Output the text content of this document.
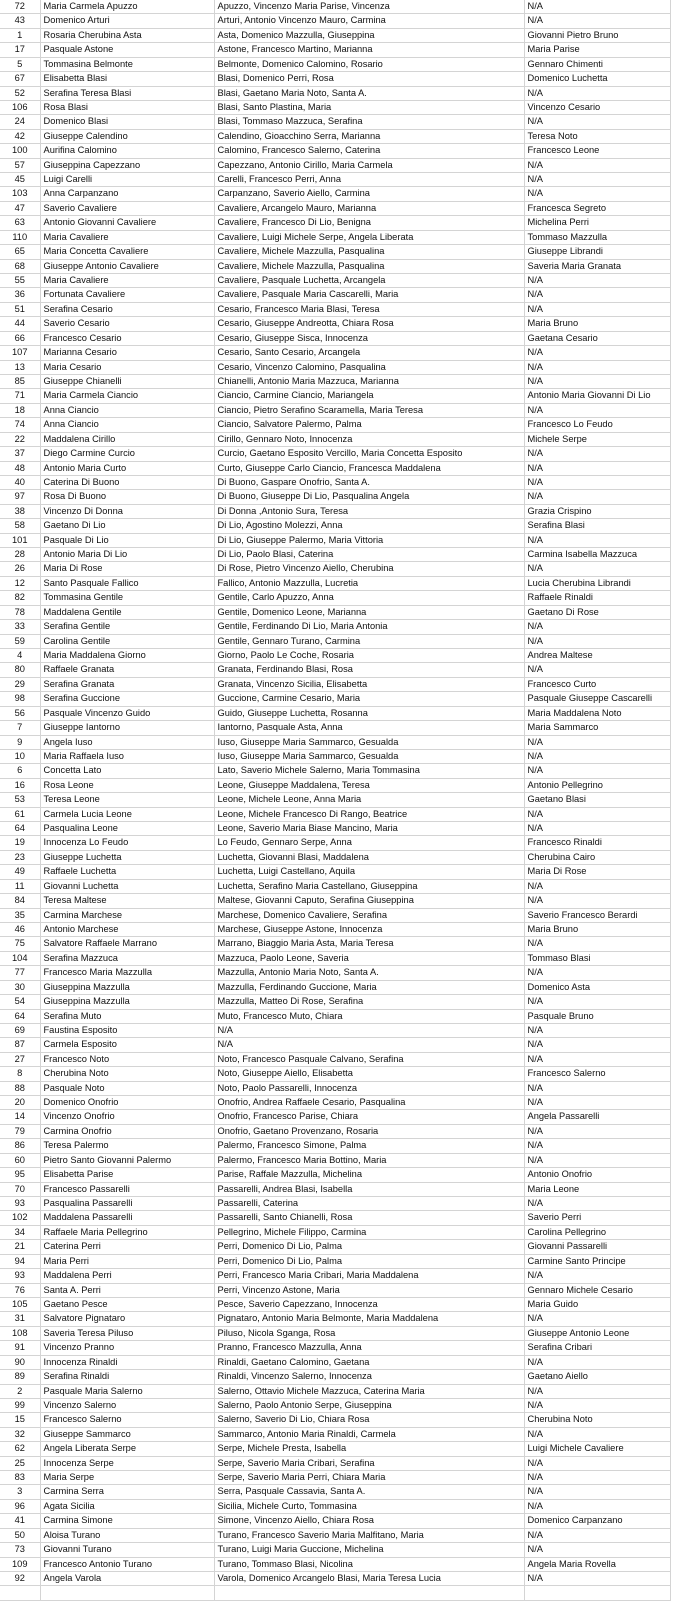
72	Maria Carmela Apuzzo	Apuzzo, Vincenzo Maria Parise, Vincenza	N/A
43	Domenico Arturi	Arturi, Antonio Vincenzo Mauro, Carmina	N/A
1	Rosaria Cherubina Asta	Asta, Domenico Mazzulla, Giuseppina	Giovanni Pietro Bruno
17	Pasquale Astone	Astone, Francesco Martino, Marianna	Maria Parise
5	Tommasina Belmonte	Belmonte, Domenico Calomino, Rosario	Gennaro Chimenti
67	Elisabetta Blasi	Blasi, Domenico Perri, Rosa	Domenico Luchetta
52	Serafina Teresa Blasi	Blasi, Gaetano Maria Noto, Santa A.	N/A
106	Rosa Blasi	Blasi, Santo Plastina, Maria	Vincenzo Cesario
24	Domenico Blasi	Blasi, Tommaso Mazzuca, Serafina	N/A
42	Giuseppe Calendino	Calendino, Gioacchino Serra, Marianna	Teresa Noto
100	Aurifina Calomino	Calomino, Francesco Salerno, Caterina	Francesco Leone
57	Giuseppina Capezzano	Capezzano, Antonio Cirillo, Maria Carmela	N/A
45	Luigi Carelli	Carelli, Francesco Perri, Anna	N/A
103	Anna Carpanzano	Carpanzano, Saverio Aiello, Carmina	N/A
47	Saverio Cavaliere	Cavaliere, Arcangelo Mauro, Marianna	Francesca Segreto
63	Antonio Giovanni Cavaliere	Cavaliere, Francesco Di Lio, Benigna	Michelina Perri
110	Maria Cavaliere	Cavaliere, Luigi Michele Serpe, Angela Liberata	Tommaso Mazzulla
65	Maria Concetta Cavaliere	Cavaliere, Michele Mazzulla, Pasqualina	Giuseppe Librandi
68	Giuseppe Antonio Cavaliere	Cavaliere, Michele Mazzulla, Pasqualina	Saveria Maria Granata
55	Maria Cavaliere	Cavaliere, Pasquale Luchetta, Arcangela	N/A
36	Fortunata Cavaliere	Cavaliere, Pasquale Maria Cascarelli, Maria	N/A
51	Serafina Cesario	Cesario, Francesco Maria Blasi, Teresa	N/A
44	Saverio Cesario	Cesario, Giuseppe Andreotta, Chiara Rosa	Maria Bruno
66	Francesco Cesario	Cesario, Giuseppe Sisca, Innocenza	Gaetana Cesario
107	Marianna Cesario	Cesario, Santo Cesario, Arcangela	N/A
13	Maria Cesario	Cesario, Vincenzo Calomino, Pasqualina	N/A
85	Giuseppe Chianelli	Chianelli, Antonio Maria Mazzuca, Marianna	N/A
71	Maria Carmela Ciancio	Ciancio, Carmine Ciancio, Mariangela	Antonio Maria Giovanni Di Lio
18	Anna Ciancio	Ciancio, Pietro Serafino Scaramella, Maria Teresa	N/A
74	Anna Ciancio	Ciancio, Salvatore Palermo, Palma	Francesco Lo Feudo
22	Maddalena Cirillo	Cirillo, Gennaro Noto, Innocenza	Michele Serpe
37	Diego Carmine Curcio	Curcio, Gaetano Esposito Vercillo, Maria Concetta Esposito	N/A
48	Antonio Maria Curto	Curto, Giuseppe Carlo Ciancio, Francesca Maddalena	N/A
40	Caterina Di Buono	Di Buono, Gaspare Onofrio, Santa A.	N/A
97	Rosa Di Buono	Di Buono, Giuseppe Di Lio, Pasqualina Angela	N/A
38	Vincenzo Di Donna	Di Donna ,Antonio Sura, Teresa	Grazia Crispino
58	Gaetano Di Lio	Di Lio, Agostino Molezzi, Anna	Serafina Blasi
101	Pasquale Di Lio	Di Lio, Giuseppe Palermo, Maria Vittoria	N/A
28	Antonio Maria Di Lio	Di Lio, Paolo Blasi, Caterina	Carmina Isabella Mazzuca
26	Maria Di Rose	Di Rose, Pietro Vincenzo Aiello, Cherubina	N/A
12	Santo Pasquale Fallico	Fallico, Antonio Mazzulla, Lucretia	Lucia Cherubina Librandi
82	Tommasina Gentile	Gentile, Carlo Apuzzo, Anna	Raffaele Rinaldi
78	Maddalena Gentile	Gentile, Domenico Leone, Marianna	Gaetano Di Rose
33	Serafina Gentile	Gentile, Ferdinando Di Lio, Maria Antonia	N/A
59	Carolina Gentile	Gentile, Gennaro Turano, Carmina	N/A
4	Maria Maddalena Giorno	Giorno, Paolo Le Coche, Rosaria	Andrea Maltese
80	Raffaele Granata	Granata, Ferdinando Blasi, Rosa	N/A
29	Serafina Granata	Granata, Vincenzo Sicilia, Elisabetta	Francesco Curto
98	Serafina Guccione	Guccione, Carmine Cesario, Maria	Pasquale Giuseppe Cascarelli
56	Pasquale Vincenzo Guido	Guido, Giuseppe Luchetta, Rosanna	Maria Maddalena Noto
7	Giuseppe Iantorno	Iantorno, Pasquale Asta, Anna	Maria Sammarco
9	Angela Iuso	Iuso, Giuseppe Maria Sammarco, Gesualda	N/A
10	Maria Raffaela Iuso	Iuso, Giuseppe Maria Sammarco, Gesualda	N/A
6	Concetta Lato	Lato, Saverio Michele Salerno, Maria Tommasina	N/A
16	Rosa Leone	Leone, Giuseppe Maddalena, Teresa	Antonio Pellegrino
53	Teresa Leone	Leone, Michele Leone, Anna Maria	Gaetano Blasi
61	Carmela Lucia Leone	Leone, Michele Francesco Di Rango, Beatrice	N/A
64	Pasqualina Leone	Leone, Saverio Maria Biase Mancino, Maria	N/A
19	Innocenza Lo Feudo	Lo Feudo, Gennaro Serpe, Anna	Francesco Rinaldi
23	Giuseppe Luchetta	Luchetta, Giovanni Blasi, Maddalena	Cherubina Cairo
49	Raffaele Luchetta	Luchetta, Luigi Castellano, Aquila	Maria Di Rose
11	Giovanni Luchetta	Luchetta, Serafino Maria Castellano, Giuseppina	N/A
84	Teresa Maltese	Maltese, Giovanni Caputo, Serafina Giuseppina	N/A
35	Carmina Marchese	Marchese, Domenico Cavaliere, Serafina	Saverio Francesco Berardi
46	Antonio Marchese	Marchese, Giuseppe Astone, Innocenza	Maria Bruno
75	Salvatore Raffaele Marrano	Marrano, Biaggio Maria Asta, Maria Teresa	N/A
104	Serafina Mazzuca	Mazzuca, Paolo Leone, Saveria	Tommaso Blasi
77	Francesco Maria Mazzulla	Mazzulla, Antonio Maria Noto, Santa A.	N/A
30	Giuseppina Mazzulla	Mazzulla, Ferdinando Guccione, Maria	Domenico Asta
54	Giuseppina Mazzulla	Mazzulla, Matteo Di Rose, Serafina	N/A
64	Serafina Muto	Muto, Francesco Muto, Chiara	Pasquale Bruno
69	Faustina Esposito	N/A	N/A
87	Carmela Esposito	N/A	N/A
27	Francesco Noto	Noto, Francesco Pasquale Calvano, Serafina	N/A
8	Cherubina Noto	Noto, Giuseppe Aiello, Elisabetta	Francesco Salerno
88	Pasquale Noto	Noto, Paolo Passarelli, Innocenza	N/A
20	Domenico Onofrio	Onofrio, Andrea Raffaele Cesario, Pasqualina	N/A
14	Vincenzo Onofrio	Onofrio, Francesco Parise, Chiara	Angela Passarelli
79	Carmina Onofrio	Onofrio, Gaetano Provenzano, Rosaria	N/A
86	Teresa Palermo	Palermo, Francesco Simone, Palma	N/A
60	Pietro Santo Giovanni Palermo	Palermo, Francesco Maria Bottino, Maria	N/A
95	Elisabetta Parise	Parise, Raffale Mazzulla, Michelina	Antonio Onofrio
70	Francesco Passarelli	Passarelli, Andrea Blasi, Isabella	Maria Leone
93	Pasqualina Passarelli	Passarelli, Caterina	N/A
102	Maddalena Passarelli	Passarelli, Santo Chianelli, Rosa	Saverio Perri
34	Raffaele Maria Pellegrino	Pellegrino, Michele Filippo, Carmina	Carolina Pellegrino
21	Caterina Perri	Perri, Domenico Di Lio, Palma	Giovanni Passarelli
94	Maria Perri	Perri, Domenico Di Lio, Palma	Carmine Santo Principe
93	Maddalena Perri	Perri, Francesco Maria Cribari, Maria Maddalena	N/A
76	Santa A. Perri	Perri, Vincenzo Astone, Maria	Gennaro Michele Cesario
105	Gaetano Pesce	Pesce, Saverio Capezzano, Innocenza	Maria Guido
31	Salvatore Pignataro	Pignataro, Antonio Maria Belmonte, Maria Maddalena	N/A
108	Saveria Teresa Piluso	Piluso, Nicola Sganga, Rosa	Giuseppe Antonio Leone
91	Vincenzo Pranno	Pranno, Francesco Mazzulla, Anna	Serafina Cribari
90	Innocenza Rinaldi	Rinaldi, Gaetano Calomino, Gaetana	N/A
89	Serafina Rinaldi	Rinaldi, Vincenzo Salerno, Innocenza	Gaetano Aiello
2	Pasquale Maria Salerno	Salerno, Ottavio Michele Mazzuca, Caterina Maria	N/A
99	Vincenzo Salerno	Salerno, Paolo Antonio Serpe, Giuseppina	N/A
15	Francesco Salerno	Salerno, Saverio Di Lio, Chiara Rosa	Cherubina Noto
32	Giuseppe Sammarco	Sammarco, Antonio Maria Rinaldi, Carmela	N/A
62	Angela Liberata Serpe	Serpe, Michele Presta, Isabella	Luigi Michele Cavaliere
25	Innocenza Serpe	Serpe, Saverio Maria Cribari, Serafina	N/A
83	Maria Serpe	Serpe, Saverio Maria Perri, Chiara Maria	N/A
3	Carmina Serra	Serra, Pasquale Cassavia, Santa A.	N/A
96	Agata Sicilia	Sicilia, Michele Curto, Tommasina	N/A
41	Carmina Simone	Simone, Vincenzo Aiello, Chiara Rosa	Domenico Carpanzano
50	Aloisa Turano	Turano, Francesco Saverio Maria Malfitano, Maria	N/A
73	Giovanni Turano	Turano, Luigi Maria Guccione, Michelina	N/A
109	Francesco Antonio Turano	Turano, Tommaso Blasi, Nicolina	Angela Maria Rovella
92	Angela Varola	Varola, Domenico Arcangelo Blasi, Maria Teresa Lucia	N/A
